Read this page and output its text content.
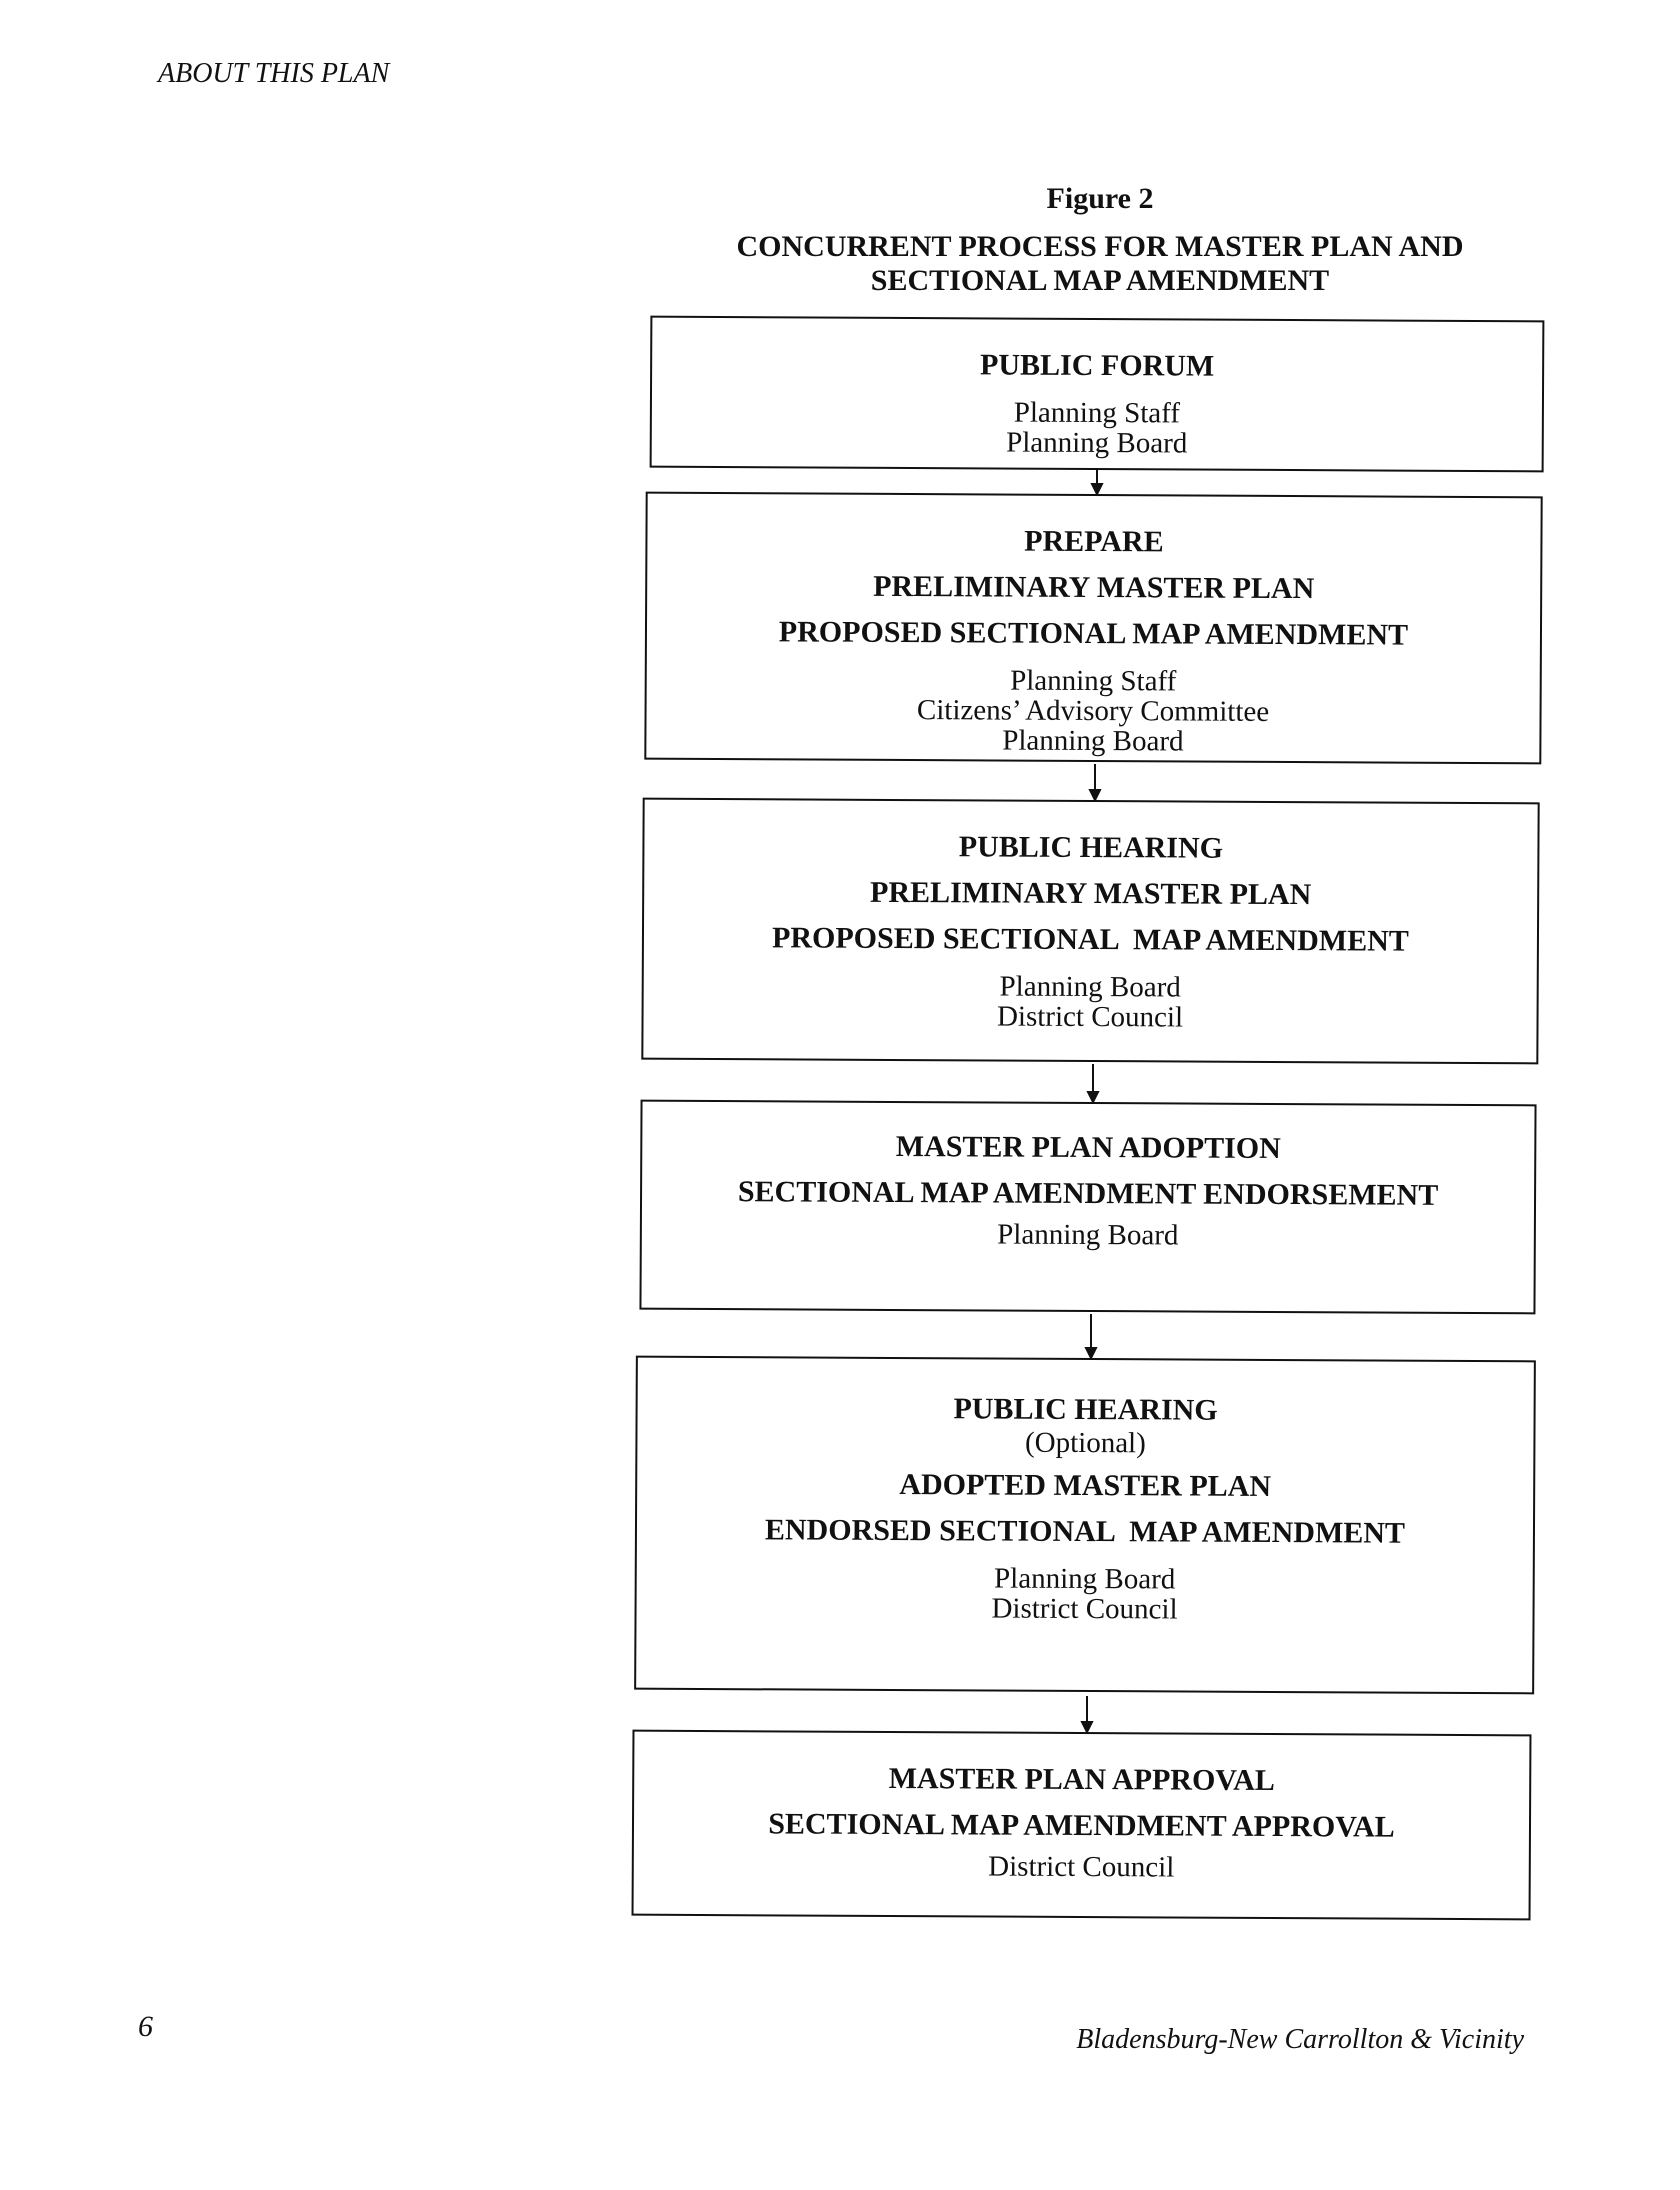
ABOUT THIS PLAN
Figure 2
CONCURRENT PROCESS FOR MASTER PLAN AND
SECTIONAL MAP AMENDMENT
PUBLIC FORUM
Planning Staff
Planning Board
PREPARE
PRELIMINARY MASTER PLAN
PROPOSED SECTIONAL MAP AMENDMENT
Planning Staff
Citizens’ Advisory Committee
Planning Board
PUBLIC HEARING
PRELIMINARY MASTER PLAN
PROPOSED SECTIONAL  MAP AMENDMENT
Planning Board
District Council
MASTER PLAN ADOPTION
SECTIONAL MAP AMENDMENT ENDORSEMENT
Planning Board
PUBLIC HEARING
(Optional)
ADOPTED MASTER PLAN
ENDORSED SECTIONAL  MAP AMENDMENT
Planning Board
District Council
MASTER PLAN APPROVAL
SECTIONAL MAP AMENDMENT APPROVAL
District Council
6	Bladensburg-New Carrollton & Vicinity
